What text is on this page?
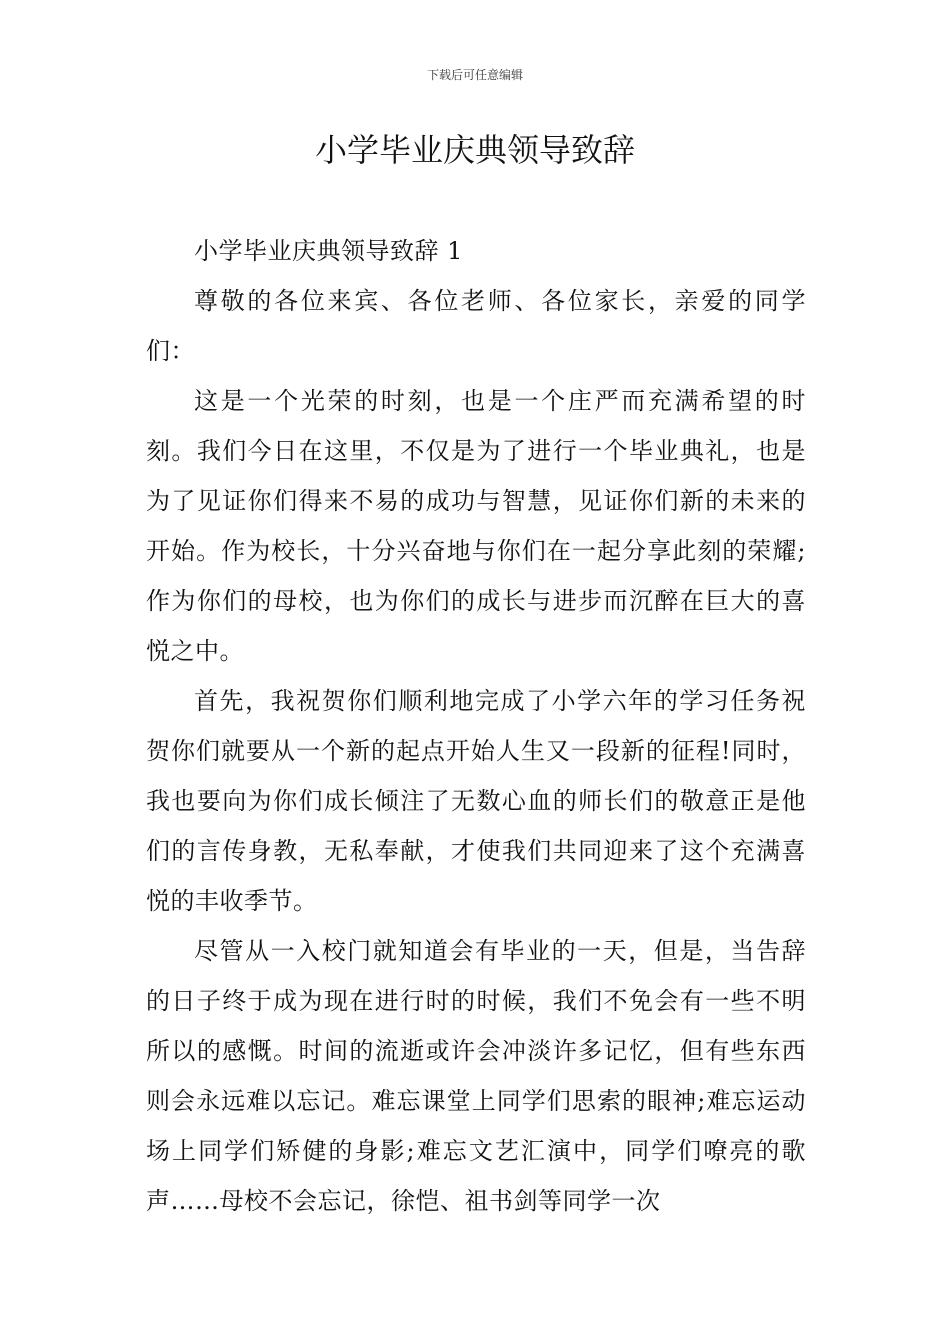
下载后可任意编辑
小学毕业庆典领导致辞

小学毕业庆典领导致辞 1

尊敬的各位来宾、各位老师、各位家长，亲爱的同学们：

这是一个光荣的时刻，也是一个庄严而充满希望的时刻。我们今日在这里，不仅是为了进行一个毕业典礼，也是为了见证你们得来不易的成功与智慧，见证你们新的未来的开始。作为校长，十分兴奋地与你们在一起分享此刻的荣耀;作为你们的母校，也为你们的成长与进步而沉醉在巨大的喜悦之中。

首先，我祝贺你们顺利地完成了小学六年的学习任务祝贺你们就要从一个新的起点开始人生又一段新的征程!同时，我也要向为你们成长倾注了无数心血的师长们的敬意正是他们的言传身教，无私奉献，才使我们共同迎来了这个充满喜悦的丰收季节。

尽管从一入校门就知道会有毕业的一天，但是，当告辞的日子终于成为现在进行时的时候，我们不免会有一些不明所以的感慨。时间的流逝或许会冲淡许多记忆，但有些东西则会永远难以忘记。难忘课堂上同学们思索的眼神;难忘运动场上同学们矫健的身影;难忘文艺汇演中，同学们嘹亮的歌声……母校不会忘记，徐恺、祖书剑等同学一次
